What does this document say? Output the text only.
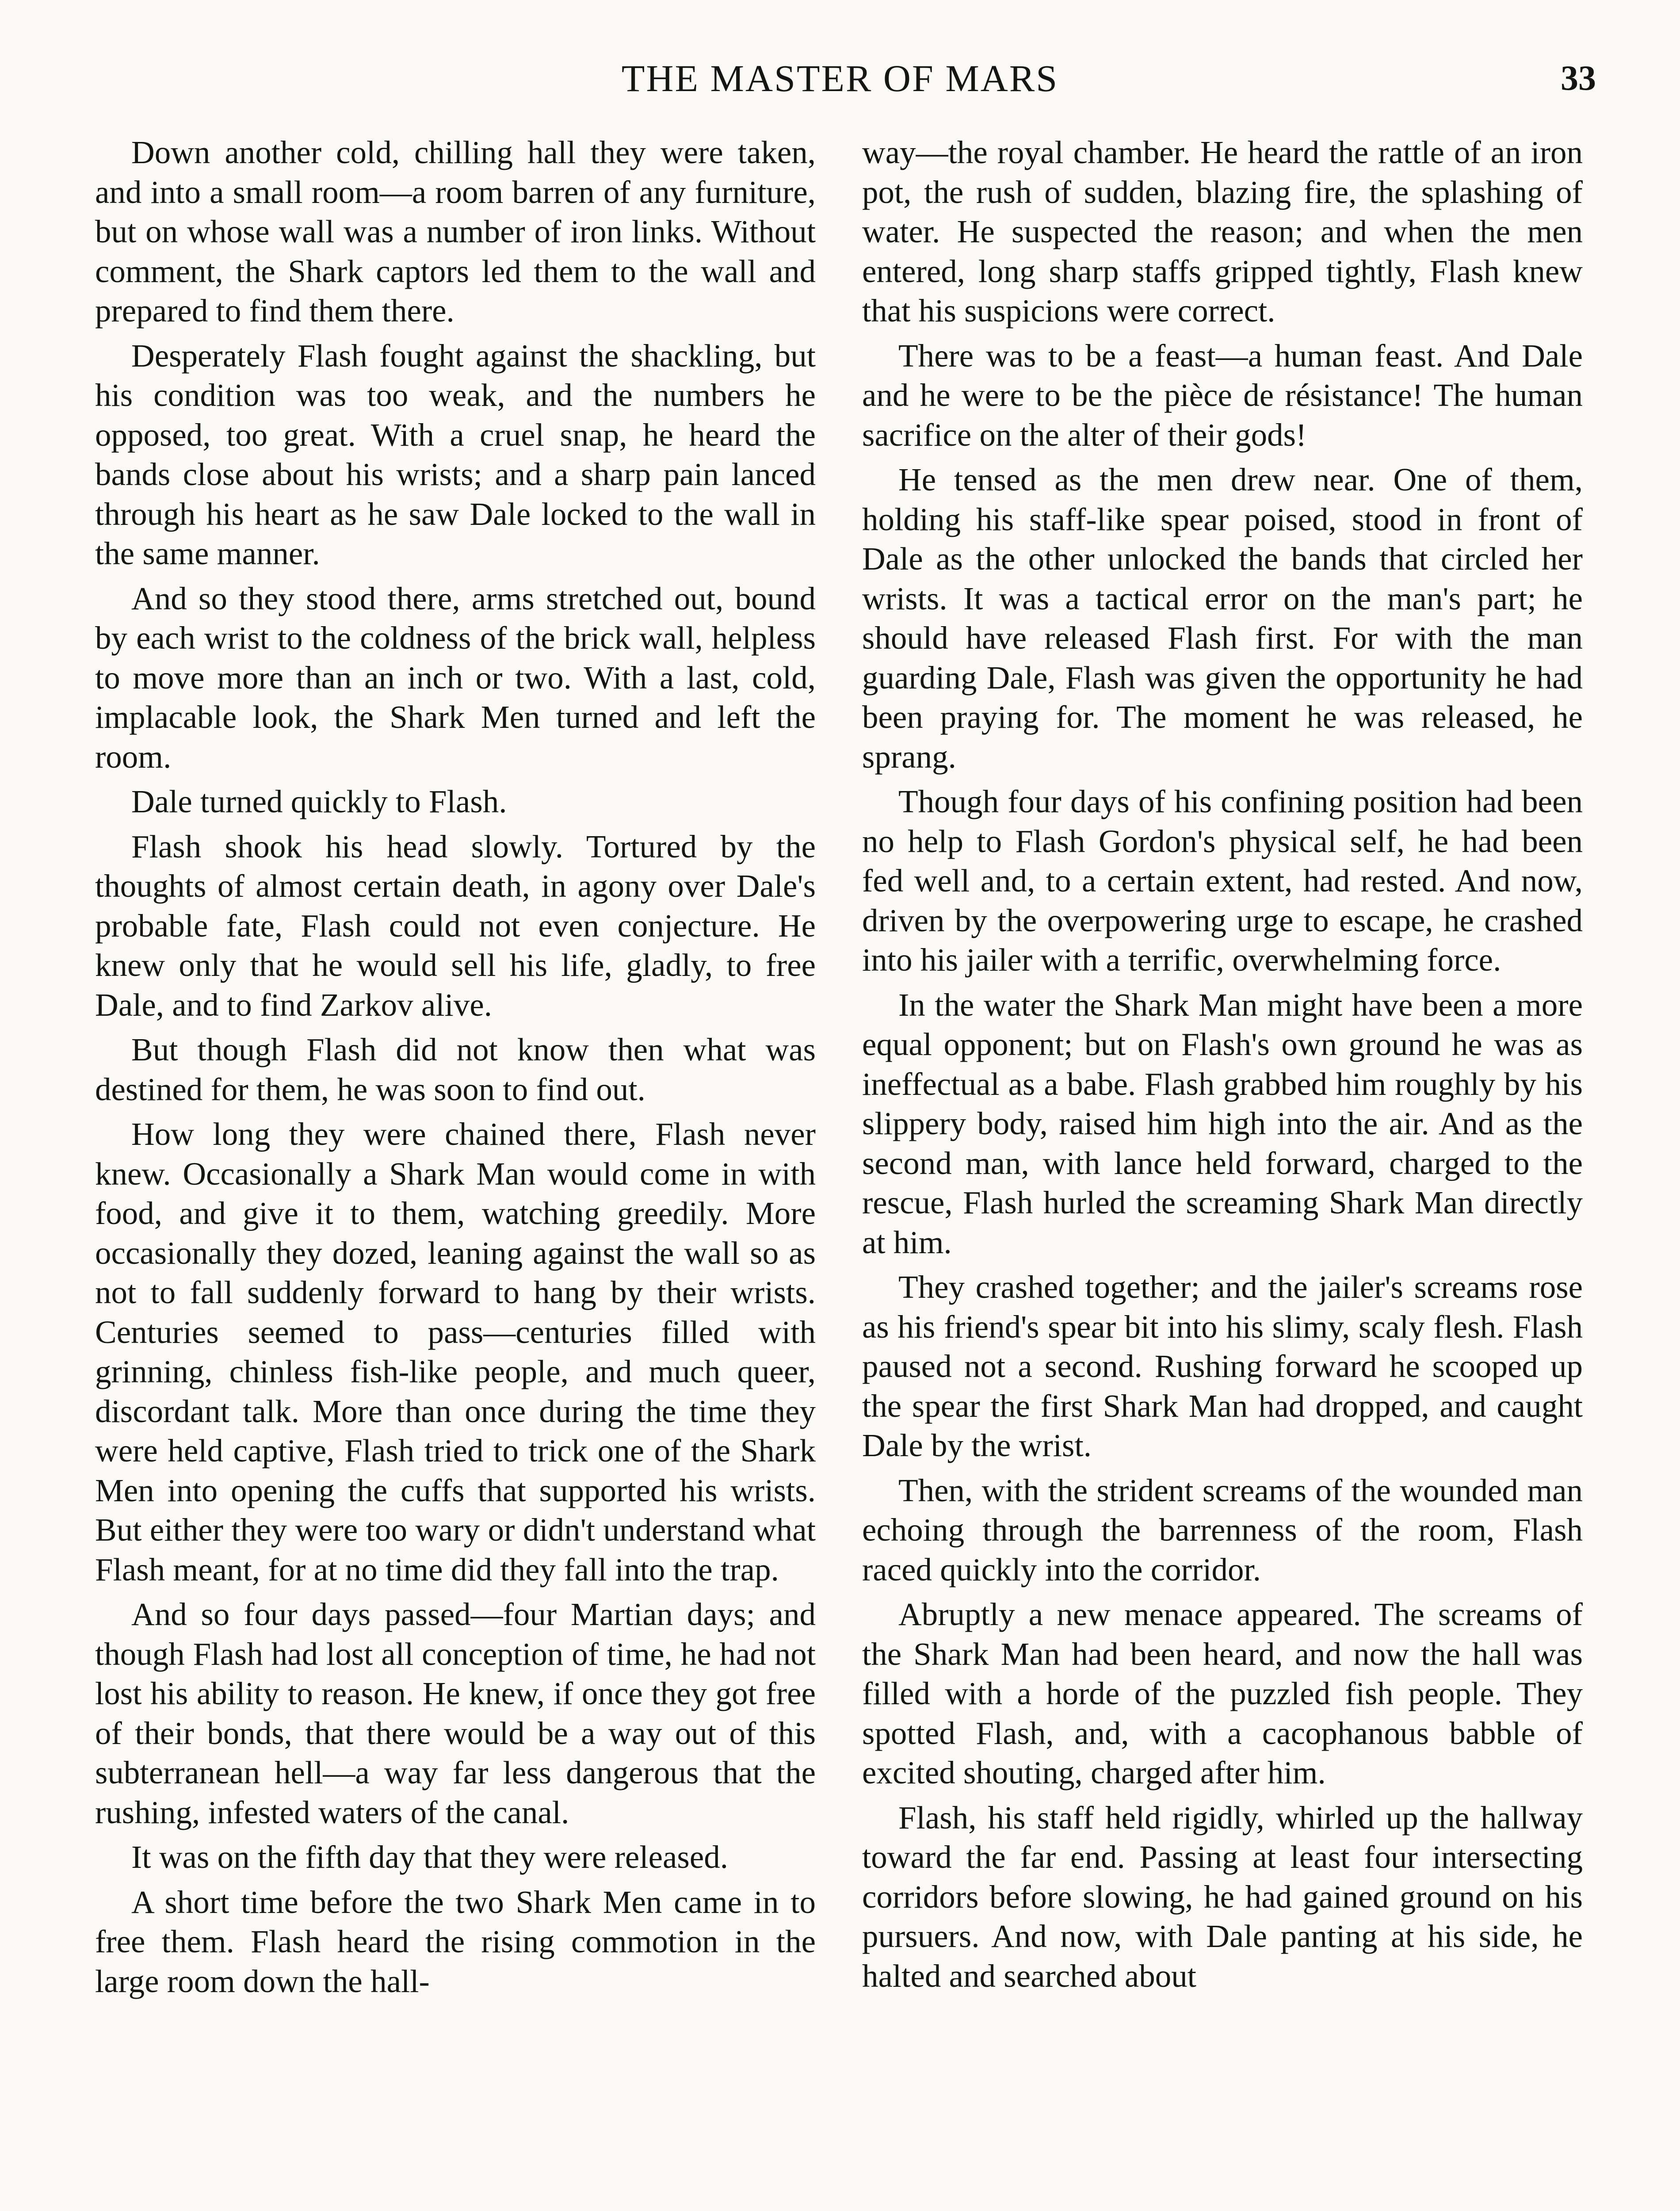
THE MASTER OF MARS	33

Down another cold, chilling hall they were taken, and into a small room—a room barren of any furniture, but on whose wall was a number of iron links. Without comment, the Shark captors led them to the wall and prepared to find them there.

Desperately Flash fought against the shackling, but his condition was too weak, and the numbers he opposed, too great. With a cruel snap, he heard the bands close about his wrists; and a sharp pain lanced through his heart as he saw Dale locked to the wall in the same manner.

And so they stood there, arms stretched out, bound by each wrist to the coldness of the brick wall, helpless to move more than an inch or two. With a last, cold, implacable look, the Shark Men turned and left the room.

Dale turned quickly to Flash.

Flash shook his head slowly. Tortured by the thoughts of almost certain death, in agony over Dale's probable fate, Flash could not even conjecture. He knew only that he would sell his life, gladly, to free Dale, and to find Zarkov alive.

But though Flash did not know then what was destined for them, he was soon to find out.

How long they were chained there, Flash never knew. Occasionally a Shark Man would come in with food, and give it to them, watching greedily. More occasionally they dozed, leaning against the wall so as not to fall suddenly forward to hang by their wrists. Centuries seemed to pass—centuries filled with grinning, chinless fish-like people, and much queer, discordant talk. More than once during the time they were held captive, Flash tried to trick one of the Shark Men into opening the cuffs that supported his wrists. But either they were too wary or didn't understand what Flash meant, for at no time did they fall into the trap.

And so four days passed—four Martian days; and though Flash had lost all conception of time, he had not lost his ability to reason. He knew, if once they got free of their bonds, that there would be a way out of this subterranean hell—a way far less dangerous that the rushing, infested waters of the canal.

It was on the fifth day that they were released.

A short time before the two Shark Men came in to free them. Flash heard the rising commotion in the large room down the hall-

way—the royal chamber. He heard the rattle of an iron pot, the rush of sudden, blazing fire, the splashing of water. He suspected the reason; and when the men entered, long sharp staffs gripped tightly, Flash knew that his suspicions were correct.

There was to be a feast—a human feast. And Dale and he were to be the pièce de résistance! The human sacrifice on the alter of their gods!

He tensed as the men drew near. One of them, holding his staff-like spear poised, stood in front of Dale as the other unlocked the bands that circled her wrists. It was a tactical error on the man's part; he should have released Flash first. For with the man guarding Dale, Flash was given the opportunity he had been praying for. The moment he was released, he sprang.

Though four days of his confining position had been no help to Flash Gordon's physical self, he had been fed well and, to a certain extent, had rested. And now, driven by the overpowering urge to escape, he crashed into his jailer with a terrific, overwhelming force.

In the water the Shark Man might have been a more equal opponent; but on Flash's own ground he was as ineffectual as a babe. Flash grabbed him roughly by his slippery body, raised him high into the air. And as the second man, with lance held forward, charged to the rescue, Flash hurled the screaming Shark Man directly at him.

They crashed together; and the jailer's screams rose as his friend's spear bit into his slimy, scaly flesh. Flash paused not a second. Rushing forward he scooped up the spear the first Shark Man had dropped, and caught Dale by the wrist.

Then, with the strident screams of the wounded man echoing through the barrenness of the room, Flash raced quickly into the corridor.

Abruptly a new menace appeared. The screams of the Shark Man had been heard, and now the hall was filled with a horde of the puzzled fish people. They spotted Flash, and, with a cacophanous babble of excited shouting, charged after him.

Flash, his staff held rigidly, whirled up the hallway toward the far end. Passing at least four intersecting corridors before slowing, he had gained ground on his pursuers. And now, with Dale panting at his side, he halted and searched about
